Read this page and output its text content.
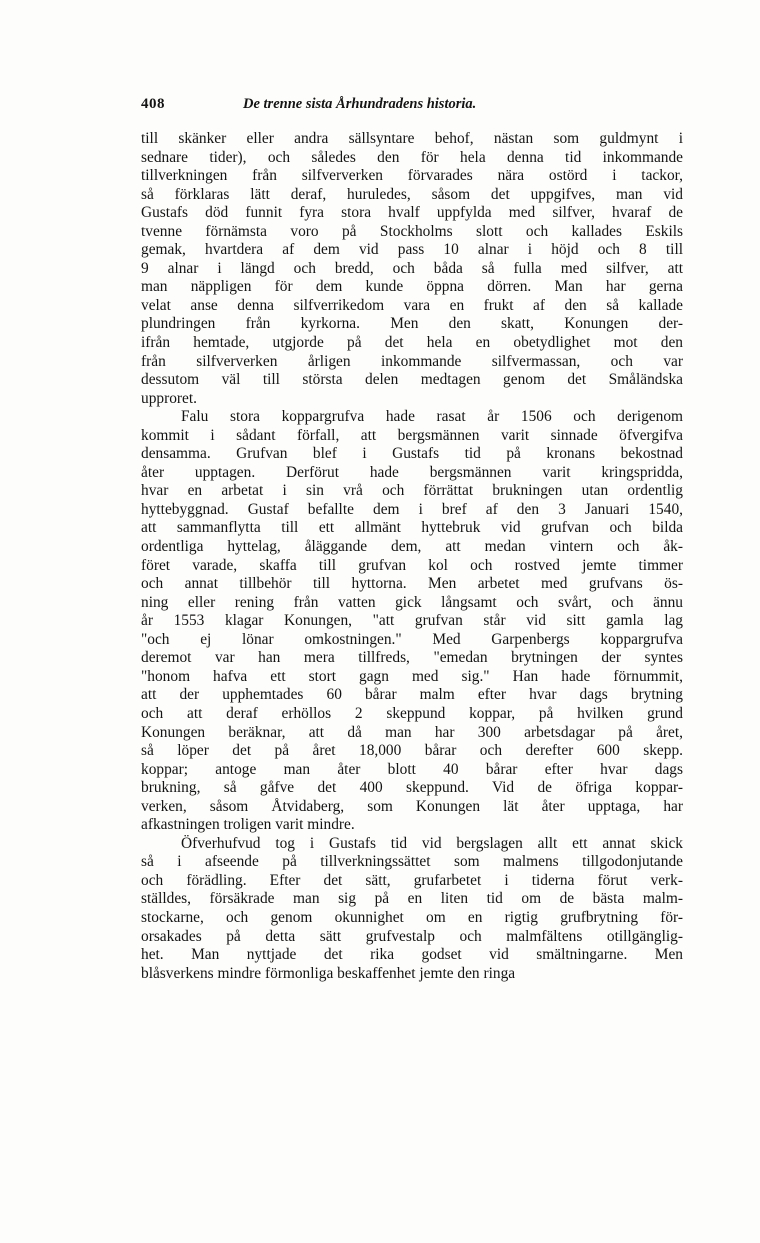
408	De trenne sista Århundradens historia.
till skänker eller andra sällsyntare behof, nästan som guldmynt i
sednare tider), och således den för hela denna tid inkommande
tillverkningen från silfververken förvarades nära ostörd i tackor,
så förklaras lätt deraf, huruledes, såsom det uppgifves, man vid
Gustafs död funnit fyra stora hvalf uppfylda med silfver, hvaraf de
tvenne förnämsta voro på Stockholms slott och kallades Eskils
gemak, hvartdera af dem vid pass 10 alnar i höjd och 8 till
9 alnar i längd och bredd, och båda så fulla med silfver, att
man näppligen för dem kunde öppna dörren. Man har gerna
velat anse denna silfverrikedom vara en frukt af den så kallade
plundringen från kyrkorna. Men den skatt, Konungen der-
ifrån hemtade, utgjorde på det hela en obetydlighet mot den
från silfververken årligen inkommande silfvermassan, och var
dessutom väl till största delen medtagen genom det Småländska
upproret.
Falu stora koppargrufva hade rasat år 1506 och derigenom
kommit i sådant förfall, att bergsmännen varit sinnade öfvergifva
densamma. Grufvan blef i Gustafs tid på kronans bekostnad
åter upptagen. Derförut hade bergsmännen varit kringspridda,
hvar en arbetat i sin vrå och förrättat brukningen utan ordentlig
hyttebyggnad. Gustaf befallte dem i bref af den 3 Januari 1540,
att sammanflytta till ett allmänt hyttebruk vid grufvan och bilda
ordentliga hyttelag, åläggande dem, att medan vintern och åk-
föret varade, skaffa till grufvan kol och rostved jemte timmer
och annat tillbehör till hyttorna. Men arbetet med grufvans ös-
ning eller rening från vatten gick långsamt och svårt, och ännu
år 1553 klagar Konungen, "att grufvan står vid sitt gamla lag
"och ej lönar omkostningen." Med Garpenbergs koppargrufva
deremot var han mera tillfreds, "emedan brytningen der syntes
"honom hafva ett stort gagn med sig." Han hade förnummit,
att der upphemtades 60 bårar malm efter hvar dags brytning
och att deraf erhöllos 2 skeppund koppar, på hvilken grund
Konungen beräknar, att då man har 300 arbetsdagar på året,
så löper det på året 18,000 bårar och derefter 600 skepp.
koppar; antoge man åter blott 40 bårar efter hvar dags
brukning, så gåfve det 400 skeppund. Vid de öfriga koppar-
verken, såsom Åtvidaberg, som Konungen lät åter upptaga, har
afkastningen troligen varit mindre.
Öfverhufvud tog i Gustafs tid vid bergslagen allt ett annat skick
så i afseende på tillverkningssättet som malmens tillgodonjutande
och förädling. Efter det sätt, grufarbetet i tiderna förut verk-
ställdes, försäkrade man sig på en liten tid om de bästa malm-
stockarne, och genom okunnighet om en rigtig grufbrytning för-
orsakades på detta sätt grufvestalp och malmfältens otillgänglig-
het. Man nyttjade det rika godset vid smältningarne. Men
blåsverkens mindre förmonliga beskaffenhet jemte den ringa
